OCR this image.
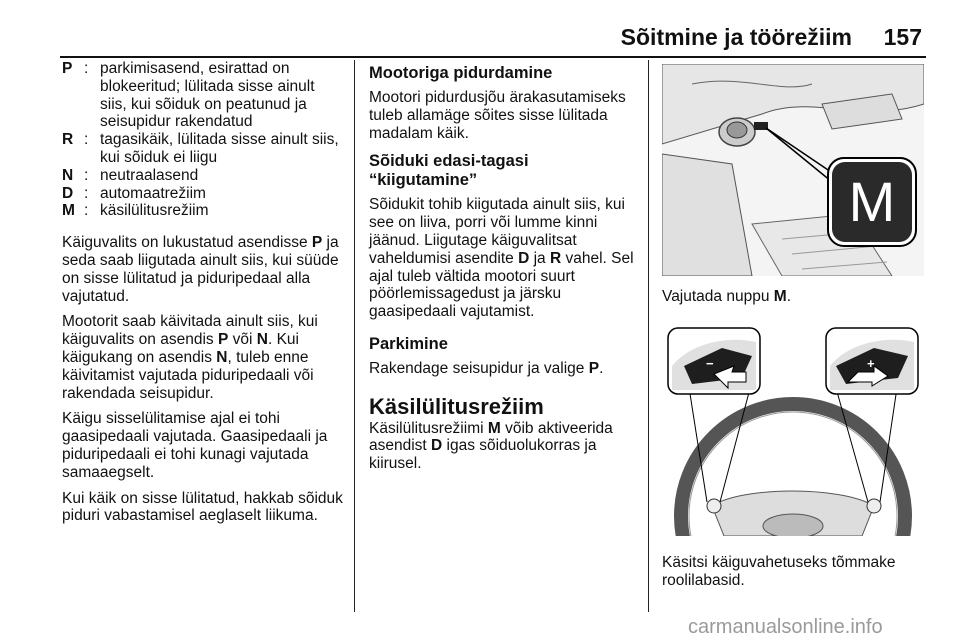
Sõitmine ja töörežiim 157
P : parkimisasend, esirattad on blokeeritud; lülitada sisse ainult siis, kui sõiduk on peatunud ja seisupidur rakendatud
R : tagasikäik, lülitada sisse ainult siis, kui sõiduk ei liigu
N : neutraalasend
D : automaatrežiim
M : käsilülitusrežiim

Käiguvalits on lukustatud asendisse P ja seda saab liigutada ainult siis, kui süüde on sisse lülitatud ja piduripedaal alla vajutatud.

Mootorit saab käivitada ainult siis, kui käiguvalits on asendis P või N. Kui käigukang on asendis N, tuleb enne käivitamist vajutada piduripedaali või rakendada seisupidur.

Käigu sisselülitamise ajal ei tohi gaasipedaali vajutada. Gaasipedaali ja piduripedaali ei tohi kunagi vajutada samaaegselt.

Kui käik on sisse lülitatud, hakkab sõiduk piduri vabastamisel aeglaselt liikuma.

Mootoriga pidurdamine

Mootori pidurdusjõu ärakasutamiseks tuleb allamäge sõites sisse lülitada madalam käik.

Sõiduki edasi-tagasi “kiigutamine”

Sõidukit tohib kiigutada ainult siis, kui see on liiva, porri või lumme kinni jäänud. Liigutage käiguvalitsat vaheldumisi asendite D ja R vahel. Sel ajal tuleb vältida mootori suurt pöörlemissagedust ja järsku gaasipedaali vajutamist.

Parkimine

Rakendage seisupidur ja valige P.

Käsilülitusrežiim

Käsilülitusrežiimi M võib aktiveerida asendist D igas sõiduolukorras ja kiirusel.

M

Vajutada nuppu M.

−	+

Käsitsi käiguvahetuseks tõmmake roolilabasid.

carmanualsonline.info
